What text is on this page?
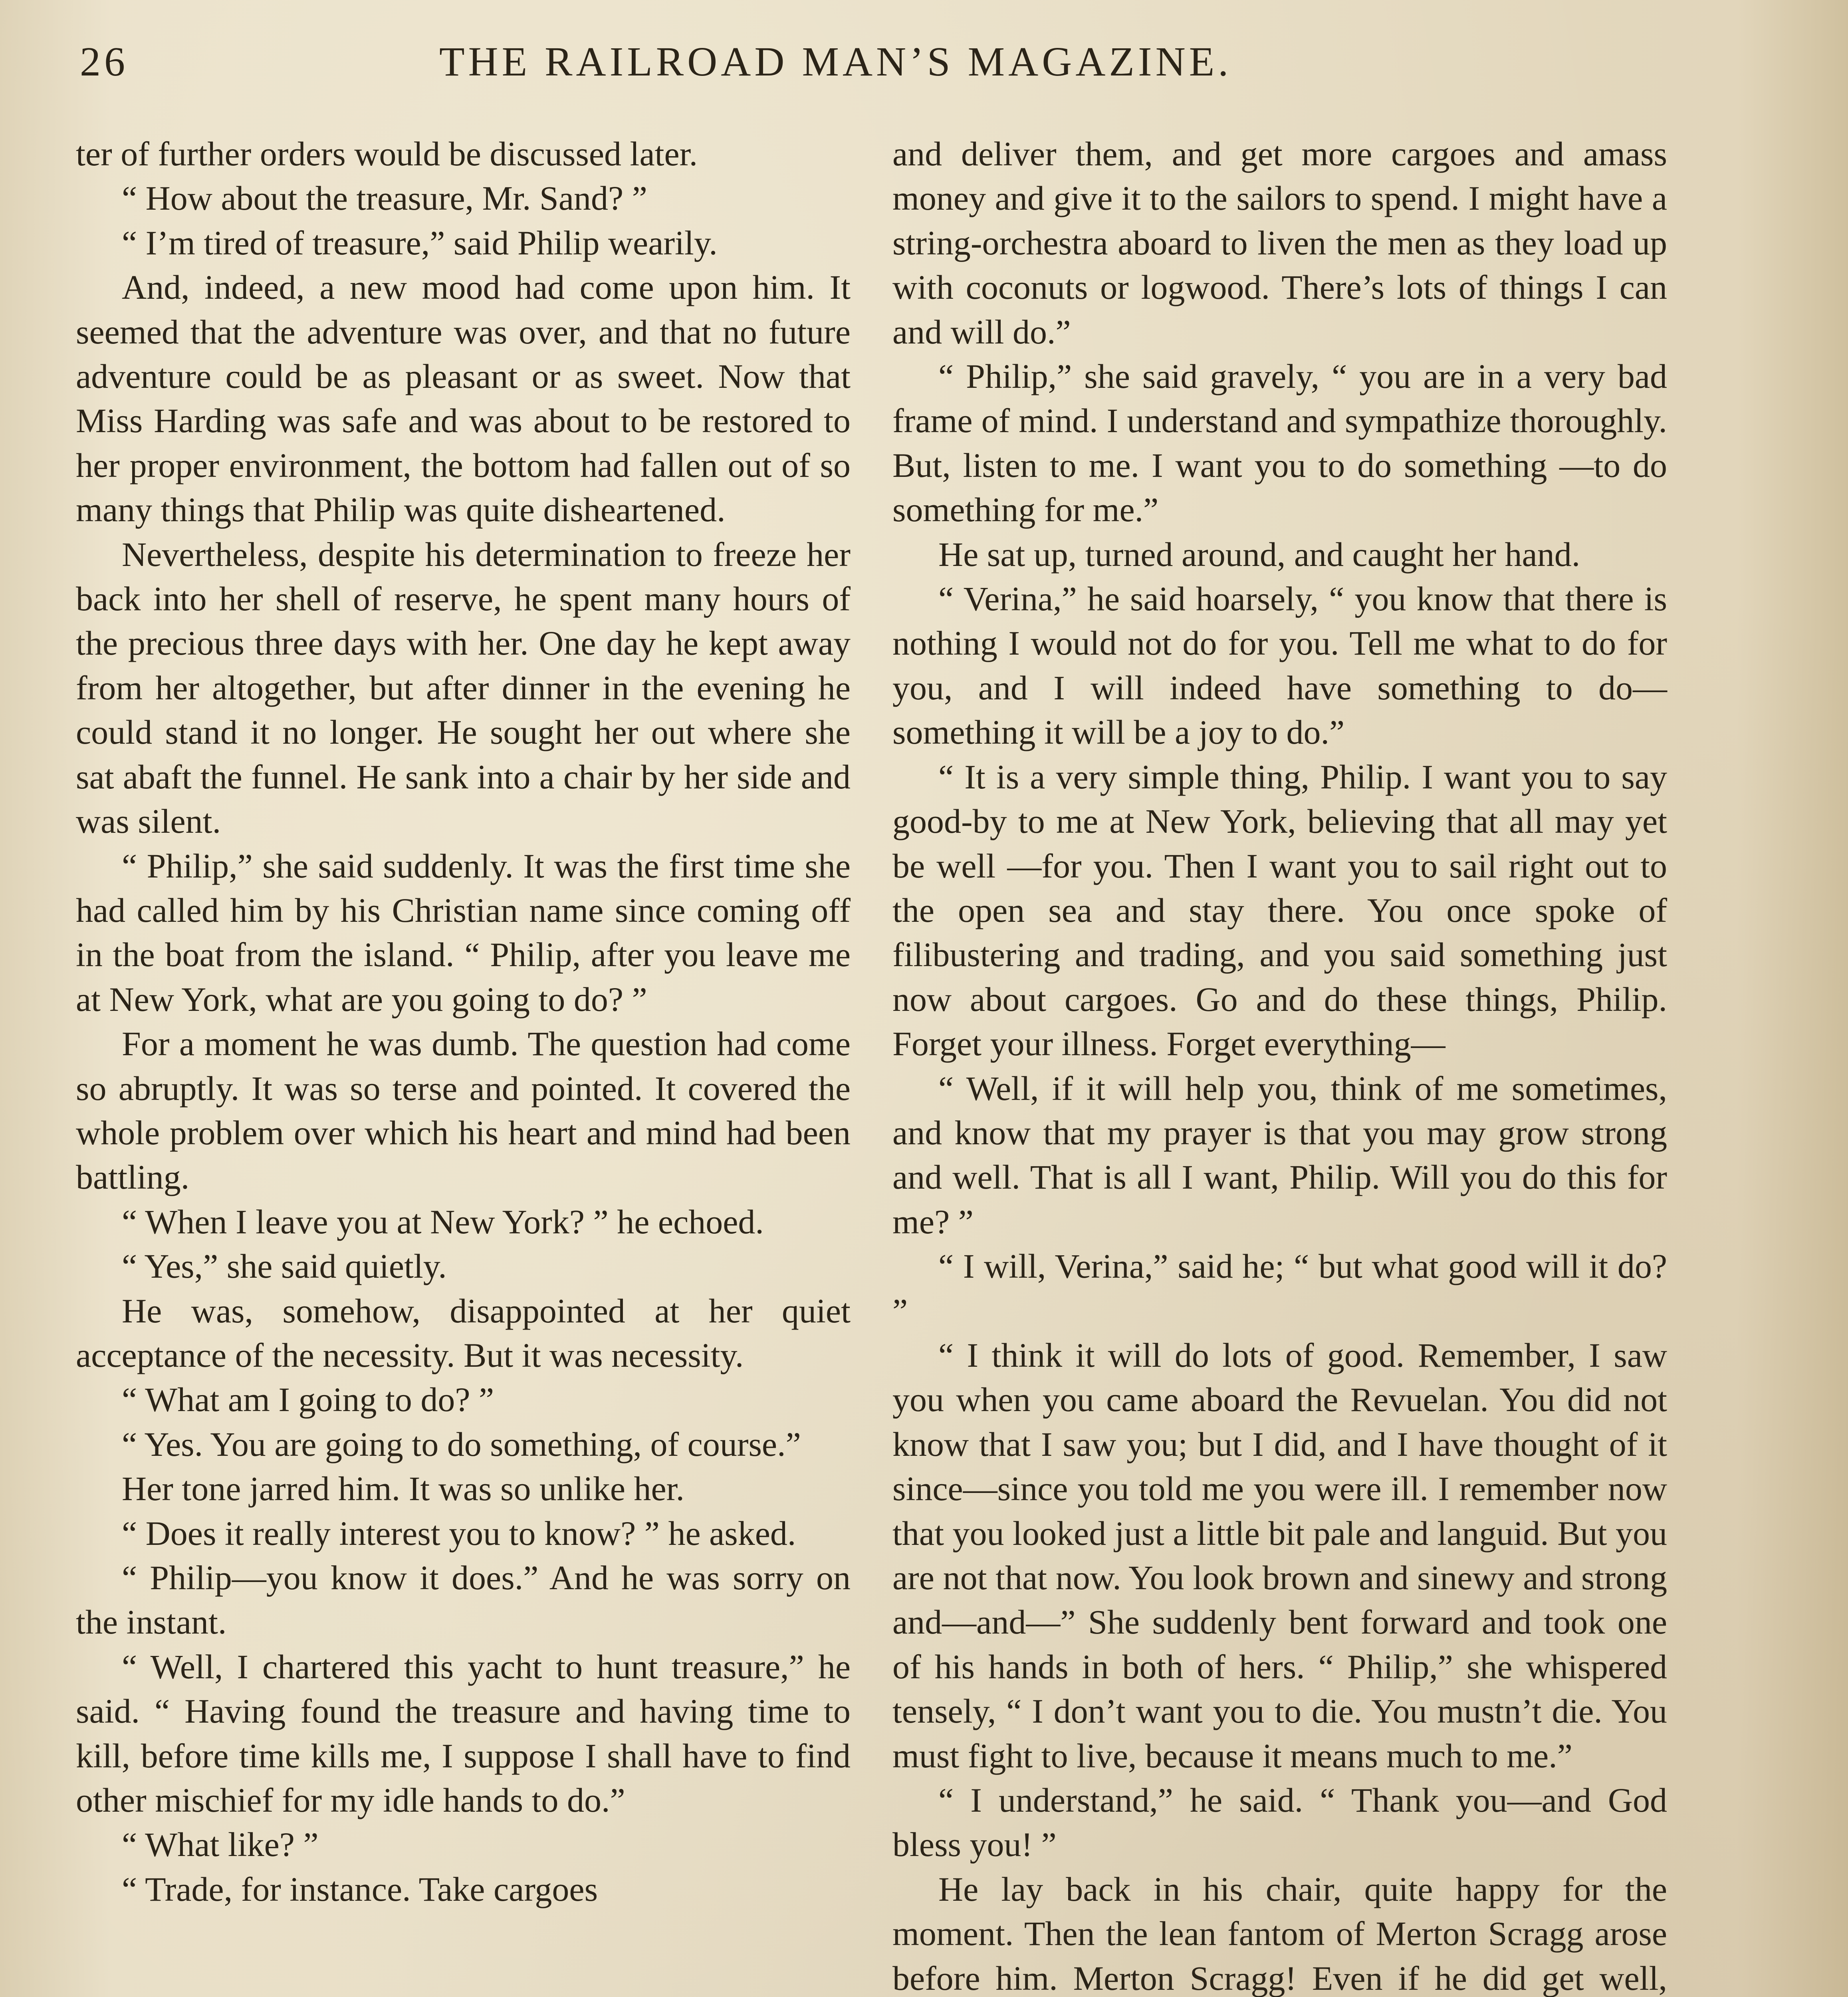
26	THE RAILROAD MAN’S MAGAZINE.

ter of further orders would be discussed later.

“ How about the treasure, Mr. Sand? ”

“ I’m tired of treasure,” said Philip wearily.

And, indeed, a new mood had come upon him. It seemed that the adventure was over, and that no future adventure could be as pleasant or as sweet. Now that Miss Harding was safe and was about to be restored to her proper environment, the bottom had fallen out of so many things that Philip was quite disheartened.

Nevertheless, despite his determination to freeze her back into her shell of reserve, he spent many hours of the precious three days with her. One day he kept away from her altogether, but after dinner in the evening he could stand it no longer. He sought her out where she sat abaft the funnel. He sank into a chair by her side and was silent.

“ Philip,” she said suddenly. It was the first time she had called him by his Christian name since coming off in the boat from the island. “ Philip, after you leave me at New York, what are you going to do? ”

For a moment he was dumb. The question had come so abruptly. It was so terse and pointed. It covered the whole problem over which his heart and mind had been battling.

“ When I leave you at New York? ” he echoed.

“ Yes,” she said quietly.

He was, somehow, disappointed at her quiet acceptance of the necessity. But it was necessity.

“ What am I going to do? ”

“ Yes. You are going to do something, of course.”

Her tone jarred him. It was so unlike her.

“ Does it really interest you to know? ” he asked.

“ Philip—you know it does.” And he was sorry on the instant.

“ Well, I chartered this yacht to hunt treasure,” he said. “ Having found the treasure and having time to kill, before time kills me, I suppose I shall have to find other mischief for my idle hands to do.”

“ What like? ”

“ Trade, for instance. Take cargoes

and deliver them, and get more cargoes and amass money and give it to the sailors to spend. I might have a string-orchestra aboard to liven the men as they load up with coconuts or logwood. There’s lots of things I can and will do.”

“ Philip,” she said gravely, “ you are in a very bad frame of mind. I understand and sympathize thoroughly. But, listen to me. I want you to do something —to do something for me.”

He sat up, turned around, and caught her hand.

“ Verina,” he said hoarsely, “ you know that there is nothing I would not do for you. Tell me what to do for you, and I will indeed have something to do—something it will be a joy to do.”

“ It is a very simple thing, Philip. I want you to say good-by to me at New York, believing that all may yet be well —for you. Then I want you to sail right out to the open sea and stay there. You once spoke of filibustering and trading, and you said something just now about cargoes. Go and do these things, Philip. Forget your illness. Forget everything—

“ Well, if it will help you, think of me sometimes, and know that my prayer is that you may grow strong and well. That is all I want, Philip. Will you do this for me? ”

“ I will, Verina,” said he; “ but what good will it do? ”

“ I think it will do lots of good. Remember, I saw you when you came aboard the Revuelan. You did not know that I saw you; but I did, and I have thought of it since—since you told me you were ill. I remember now that you looked just a little bit pale and languid. But you are not that now. You look brown and sinewy and strong and—and—” She suddenly bent forward and took one of his hands in both of hers. “ Philip,” she whispered tensely, “ I don’t want you to die. You mustn’t die. You must fight to live, because it means much to me.”

“ I understand,” he said. “ Thank you—and God bless you! ”

He lay back in his chair, quite happy for the moment. Then the lean fantom of Merton Scragg arose before him. Merton Scragg! Even if he did get well,
